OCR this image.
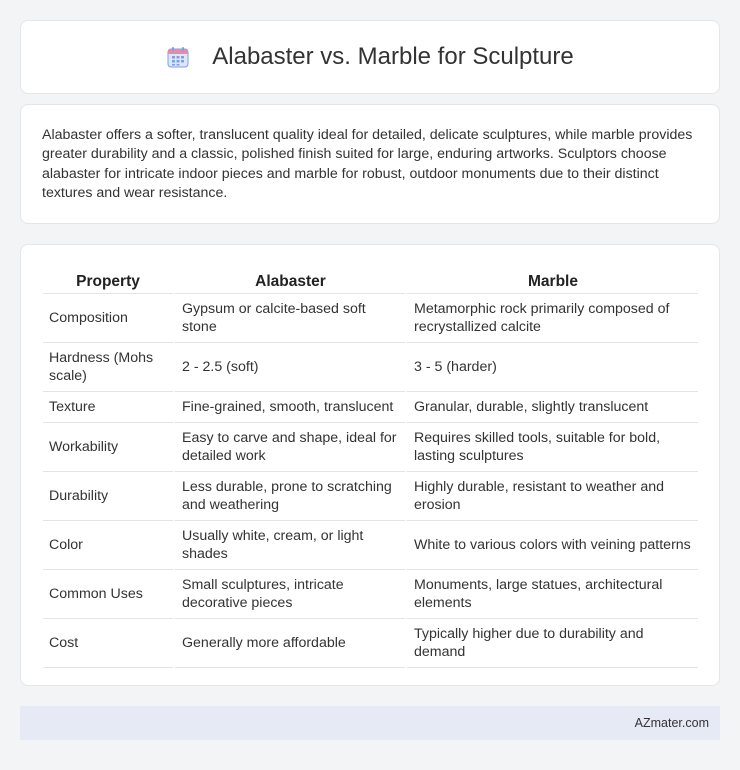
Alabaster vs. Marble for Sculpture

Alabaster offers a softer, translucent quality ideal for detailed, delicate sculptures, while marble provides greater durability and a classic, polished finish suited for large, enduring artworks. Sculptors choose alabaster for intricate indoor pieces and marble for robust, outdoor monuments due to their distinct textures and wear resistance.

Property	Alabaster	Marble
Composition	Gypsum or calcite-based soft stone	Metamorphic rock primarily composed of recrystallized calcite
Hardness (Mohs scale)	2 - 2.5 (soft)	3 - 5 (harder)
Texture	Fine-grained, smooth, translucent	Granular, durable, slightly translucent
Workability	Easy to carve and shape, ideal for detailed work	Requires skilled tools, suitable for bold, lasting sculptures
Durability	Less durable, prone to scratching and weathering	Highly durable, resistant to weather and erosion
Color	Usually white, cream, or light shades	White to various colors with veining patterns
Common Uses	Small sculptures, intricate decorative pieces	Monuments, large statues, architectural elements
Cost	Generally more affordable	Typically higher due to durability and demand
AZmater.com
